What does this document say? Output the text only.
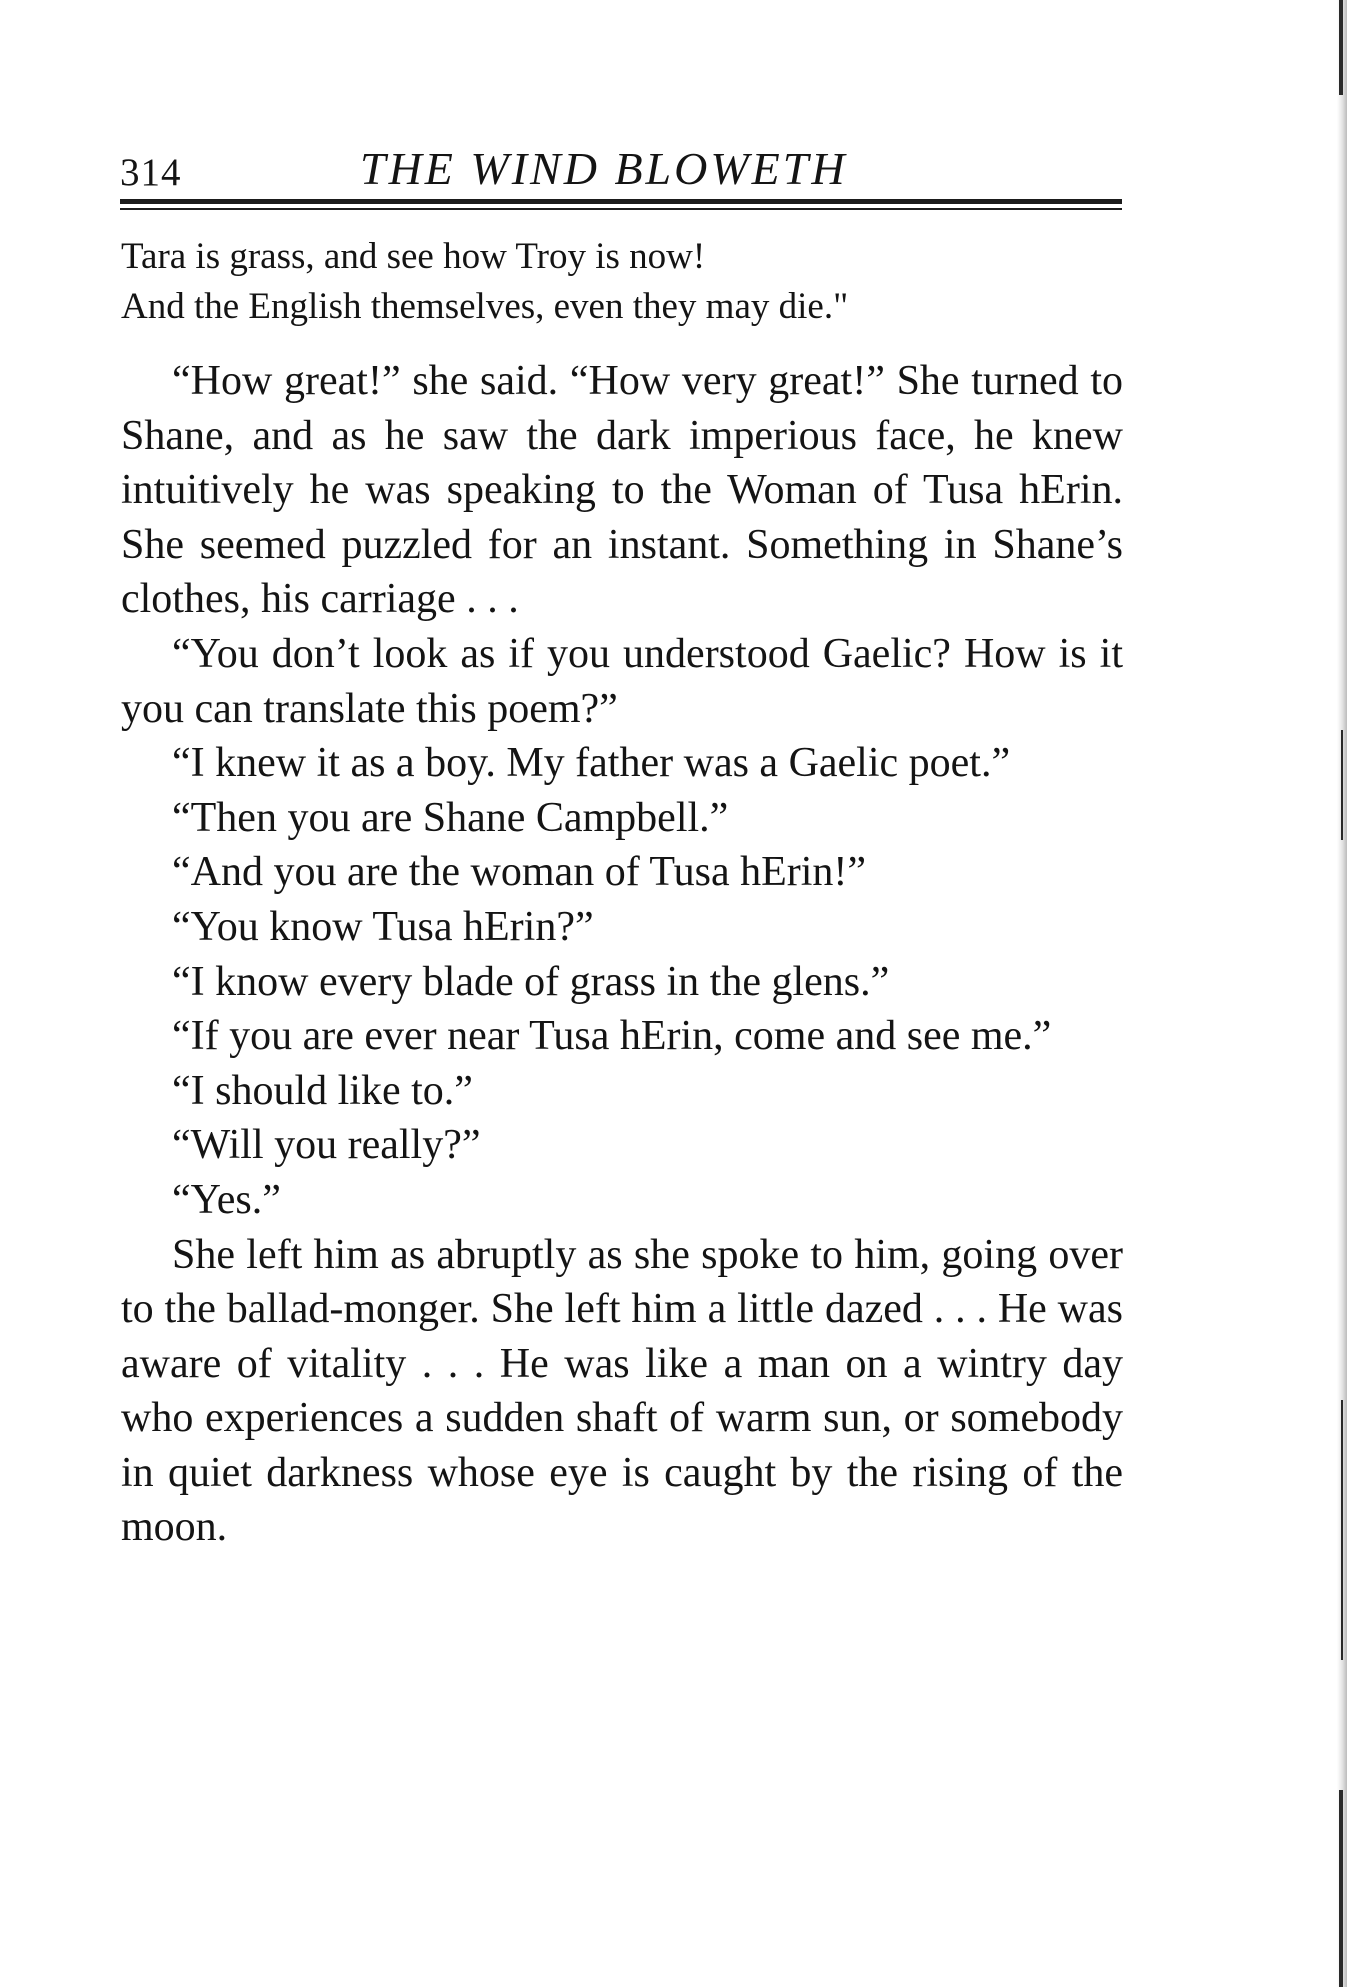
314	THE WIND BLOWETH
Tara is grass, and see how Troy is now!
And the English themselves, even they may die."

“How great!” she said. “How very great!” She turned to Shane, and as he saw the dark imperious face, he knew intuitively he was speaking to the Woman of Tusa hErin. She seemed puzzled for an instant. Something in Shane’s clothes, his carriage . . .

“You don’t look as if you understood Gaelic? How is it you can translate this poem?”

“I knew it as a boy. My father was a Gaelic poet.”

“Then you are Shane Campbell.”

“And you are the woman of Tusa hErin!”

“You know Tusa hErin?”

“I know every blade of grass in the glens.”

“If you are ever near Tusa hErin, come and see me.”

“I should like to.”

“Will you really?”

“Yes.”

She left him as abruptly as she spoke to him, going over to the ballad-monger. She left him a little dazed . . . He was aware of vitality . . . He was like a man on a wintry day who experiences a sudden shaft of warm sun, or somebody in quiet darkness whose eye is caught by the rising of the moon.
